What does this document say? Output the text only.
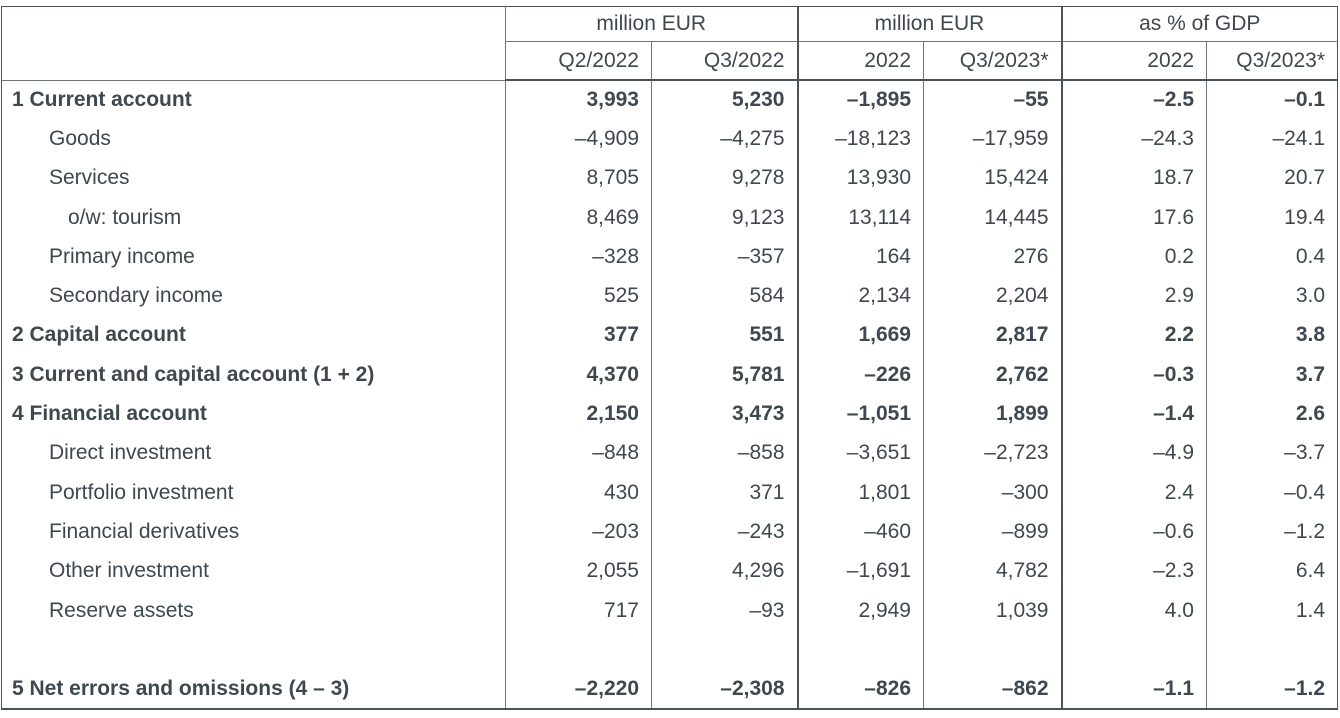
	million EUR		million EUR		as % of GDP	
	Q2/2022	Q3/2022	2022	Q3/2023*	2022	Q3/2023*
1 Current account	3,993	5,230	–1,895	–55	–2.5	–0.1
Goods	–4,909	–4,275	–18,123	–17,959	–24.3	–24.1
Services	8,705	9,278	13,930	15,424	18.7	20.7
o/w: tourism	8,469	9,123	13,114	14,445	17.6	19.4
Primary income	–328	–357	164	276	0.2	0.4
Secondary income	525	584	2,134	2,204	2.9	3.0
2 Capital account	377	551	1,669	2,817	2.2	3.8
3 Current and capital account (1 + 2)	4,370	5,781	–226	2,762	–0.3	3.7
4 Financial account	2,150	3,473	–1,051	1,899	–1.4	2.6
Direct investment	–848	–858	–3,651	–2,723	–4.9	–3.7
Portfolio investment	430	371	1,801	–300	2.4	–0.4
Financial derivatives	–203	–243	–460	–899	–0.6	–1.2
Other investment	2,055	4,296	–1,691	4,782	–2.3	6.4
Reserve assets	717	–93	2,949	1,039	4.0	1.4

5 Net errors and omissions (4 – 3)	–2,220	–2,308	–826	–862	–1.1	–1.2
